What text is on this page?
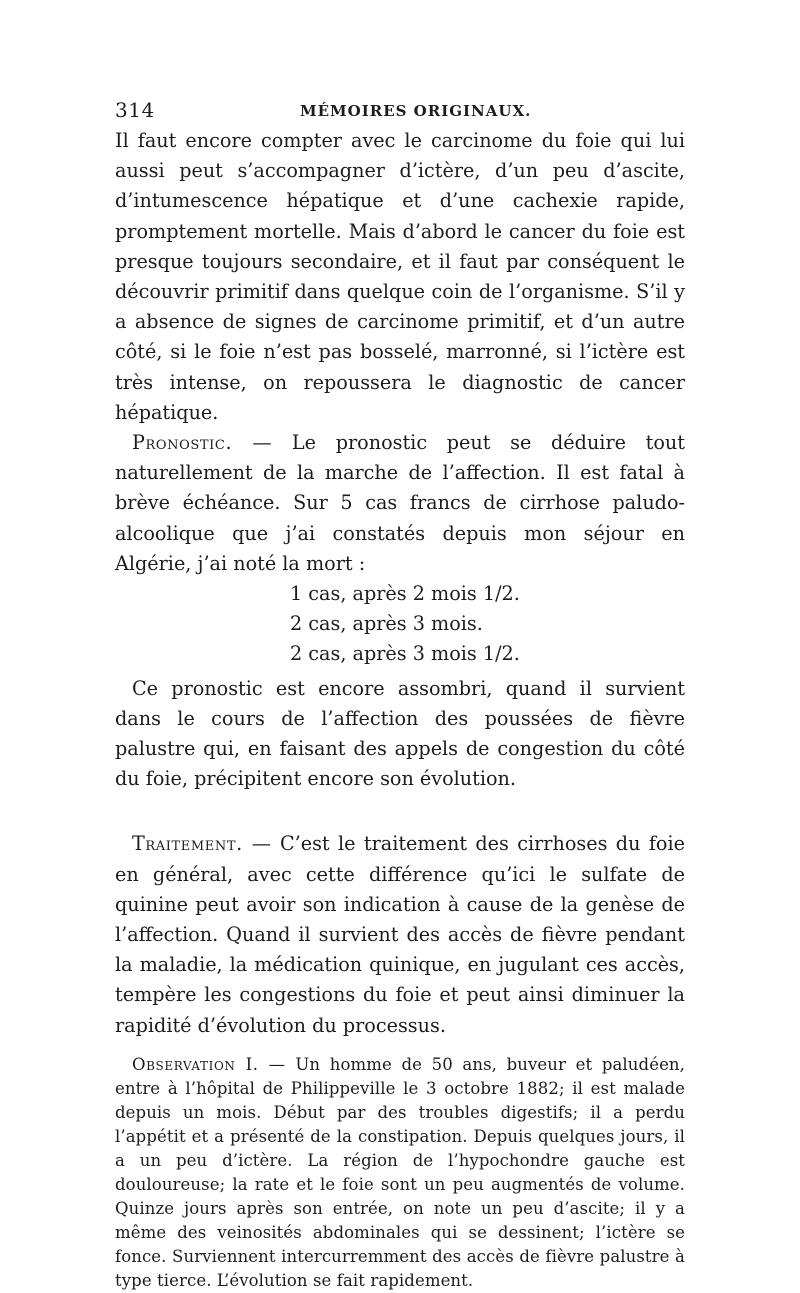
314	MÉMOIRES ORIGINAUX.

Il faut encore compter avec le carcinome du foie qui lui aussi peut s’accompagner d’ictère, d’un peu d’ascite, d’intumescence hépatique et d’une cachexie rapide, promptement mortelle. Mais d’abord le cancer du foie est presque toujours secondaire, et il faut par conséquent le découvrir primitif dans quelque coin de l’organisme. S’il y a absence de signes de carcinome primitif, et d’un autre côté, si le foie n’est pas bosselé, marronné, si l’ictère est très intense, on repoussera le diagnostic de cancer hépatique.

Pronostic. — Le pronostic peut se déduire tout naturellement de la marche de l’affection. Il est fatal à brève échéance. Sur 5 cas francs de cirrhose paludo-alcoolique que j’ai constatés depuis mon séjour en Algérie, j’ai noté la mort :

1 cas, après 2 mois 1/2.
2 cas, après 3 mois.
2 cas, après 3 mois 1/2.

Ce pronostic est encore assombri, quand il survient dans le cours de l’affection des poussées de fièvre palustre qui, en faisant des appels de congestion du côté du foie, précipitent encore son évolution.

Traitement. — C’est le traitement des cirrhoses du foie en général, avec cette différence qu’ici le sulfate de quinine peut avoir son indication à cause de la genèse de l’affection. Quand il survient des accès de fièvre pendant la maladie, la médication quinique, en jugulant ces accès, tempère les congestions du foie et peut ainsi diminuer la rapidité d’évolution du processus.

Observation I. — Un homme de 50 ans, buveur et paludéen, entre à l’hôpital de Philippeville le 3 octobre 1882; il est malade depuis un mois. Début par des troubles digestifs; il a perdu l’appétit et a présenté de la constipation. Depuis quelques jours, il a un peu d’ictère. La région de l’hypochondre gauche est douloureuse; la rate et le foie sont un peu augmentés de volume. Quinze jours après son entrée, on note un peu d’ascite; il y a même des veinosités abdominales qui se dessinent; l’ictère se fonce. Surviennent intercurremment des accès de fièvre palustre à type tierce. L’évolution se fait rapidement.
